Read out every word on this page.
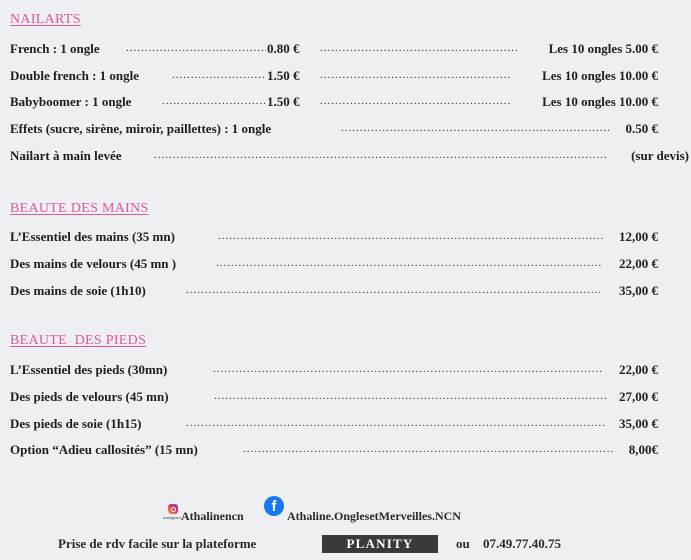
NAILARTS
French : 1 ongle .....	0.80 € .....	Les 10 ongles 5.00 €
Double french : 1 ongle .....	1.50 € .....	Les 10 ongles 10.00 €
Babyboomer : 1 ongle .....	1.50 € .....	Les 10 ongles 10.00 €
Effets (sucre, sirène, miroir, paillettes) : 1 ongle .....	0.50 €
Nailart à main levée .....	(sur devis)
BEAUTE DES MAINS
L’Essentiel des mains (35 mn) .....	12,00 €
Des mains de velours (45 mn ) .....	22,00 €
Des mains de soie (1h10) .....	35,00 €
BEAUTE  DES PIEDS
L’Essentiel des pieds (30mn) .....	22,00 €
Des pieds de velours (45 mn) .....	27,00 €
Des pieds de soie (1h15) .....	35,00 €
Option “Adieu callosités” (15 mn) .....	8,00€
Instagram Athalinencn
f
Athaline.OnglesetMerveilles.NCN
Prise de rdv facile sur la plateforme	PLANITY	ou 07.49.77.40.75
